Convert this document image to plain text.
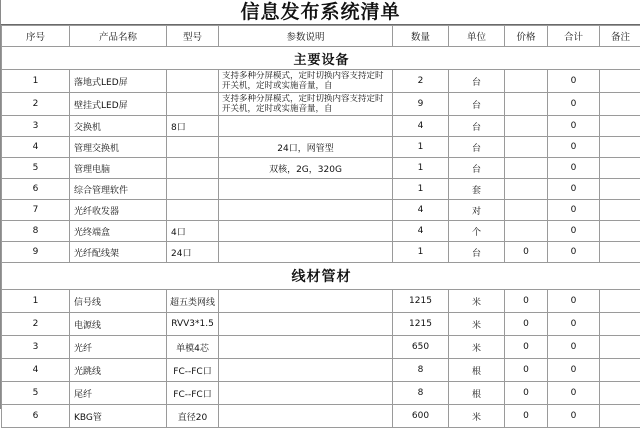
信息发布系统清单
序号	产品名称	型号	参数说明	数量	单位	价格	合计	备注
主要设备								
1	落地式LED屏		支持多种分屏模式，定时切换内容支持定时开关机，定时或实施音量，自	2	台		0	
2	壁挂式LED屏		支持多种分屏模式，定时切换内容支持定时开关机，定时或实施音量，自	9	台		0	
3	交换机	8口		4	台		0	
4	管理交换机		24口，网管型	1	台		0	
5	管理电脑		双核，2G，320G	1	台		0	
6	综合管理软件			1	套		0	
7	光纤收发器			4	对		0	
8	光终端盒	4口		4	个		0	
9	光纤配线架	24口		1	台	0	0	
线材管材								
1	信号线	超五类网线		1215	米	0	0	
2	电源线	RVV3*1.5		1215	米	0	0	
3	光纤	单模4芯		650	米	0	0	
4	光跳线	FC--FC口		8	根	0	0	
5	尾纤	FC--FC口		8	根	0	0	
6	KBG管	直径20		600	米	0	0	
